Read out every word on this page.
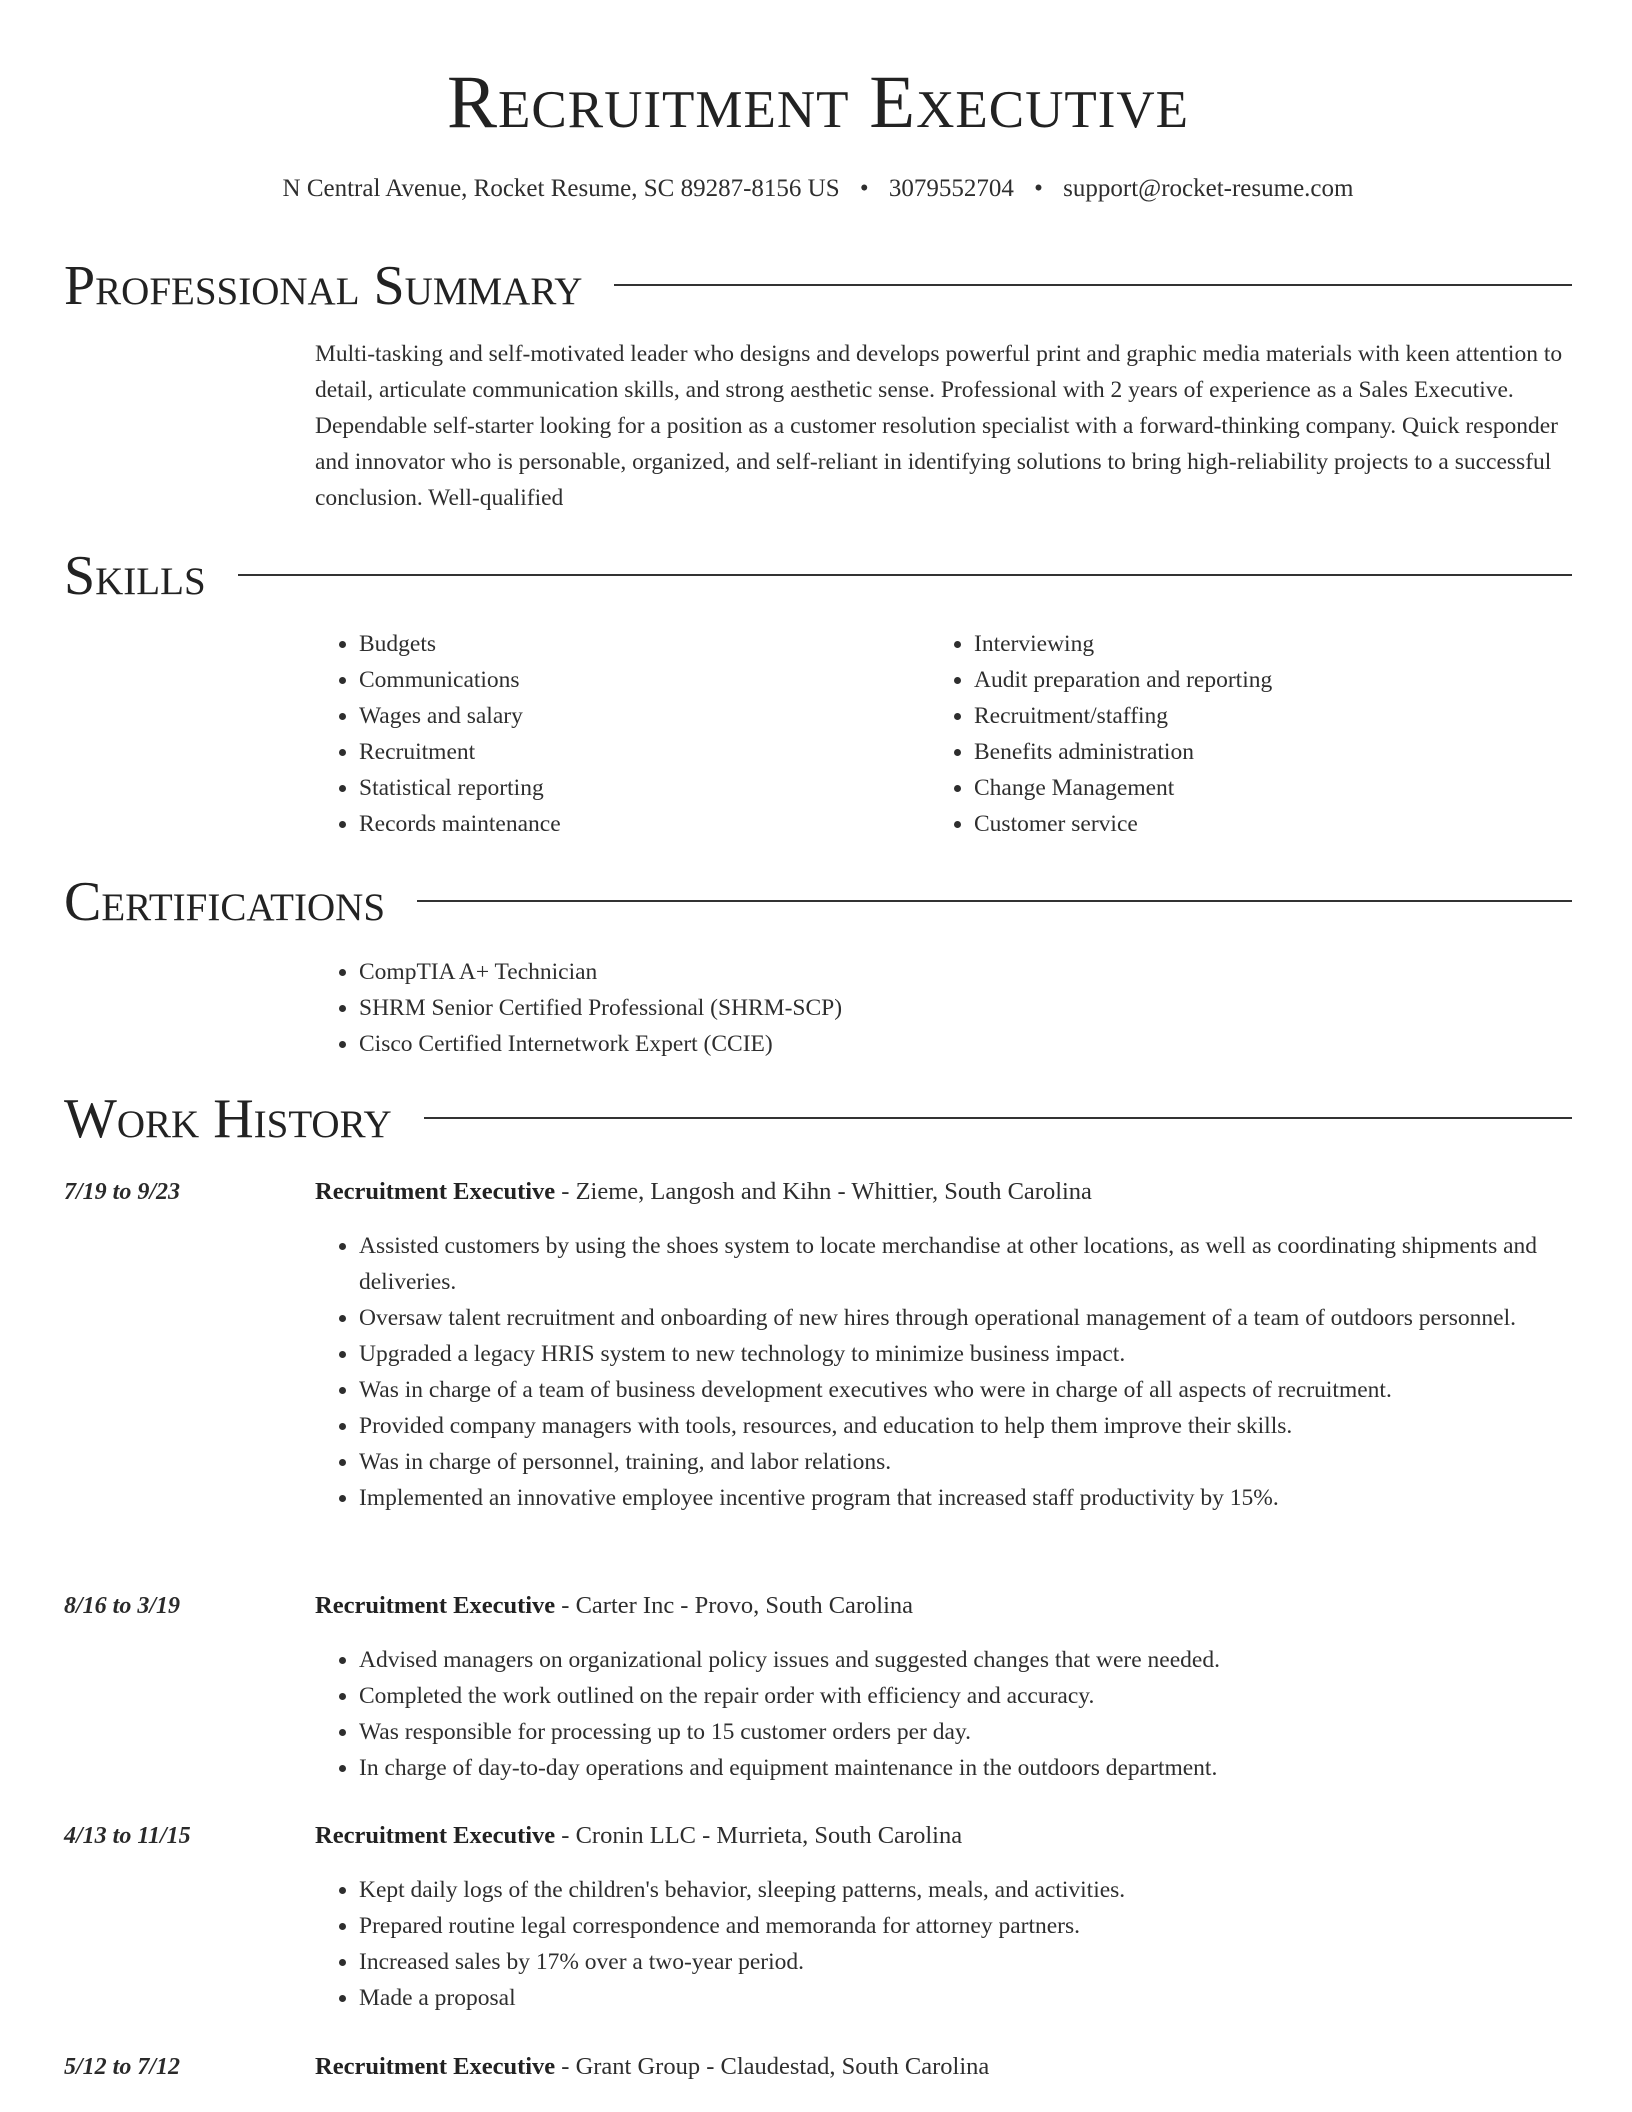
Recruitment Executive
N Central Avenue, Rocket Resume, SC 89287-8156 US • 3079552704 • support@rocket-resume.com
Professional Summary

Multi-tasking and self-motivated leader who designs and develops powerful print and graphic media materials with keen attention to detail, articulate communication skills, and strong aesthetic sense. Professional with 2 years of experience as a Sales Executive. Dependable self-starter looking for a position as a customer resolution specialist with a forward-thinking company. Quick responder and innovator who is personable, organized, and self-reliant in identifying solutions to bring high-reliability projects to a successful conclusion. Well-qualified

Skills
• Budgets
• Communications
• Wages and salary
• Recruitment
• Statistical reporting
• Records maintenance
• Interviewing
• Audit preparation and reporting
• Recruitment/staffing
• Benefits administration
• Change Management
• Customer service
Certifications
• CompTIA A+ Technician
• SHRM Senior Certified Professional (SHRM-SCP)
• Cisco Certified Internetwork Expert (CCIE)
Work History
7/19 to 9/23	Recruitment Executive - Zieme, Langosh and Kihn - Whittier, South Carolina
• Assisted customers by using the shoes system to locate merchandise at other locations, as well as coordinating shipments and deliveries.
• Oversaw talent recruitment and onboarding of new hires through operational management of a team of outdoors personnel.
• Upgraded a legacy HRIS system to new technology to minimize business impact.
• Was in charge of a team of business development executives who were in charge of all aspects of recruitment.
• Provided company managers with tools, resources, and education to help them improve their skills.
• Was in charge of personnel, training, and labor relations.
• Implemented an innovative employee incentive program that increased staff productivity by 15%.
8/16 to 3/19	Recruitment Executive - Carter Inc - Provo, South Carolina
• Advised managers on organizational policy issues and suggested changes that were needed.
• Completed the work outlined on the repair order with efficiency and accuracy.
• Was responsible for processing up to 15 customer orders per day.
• In charge of day-to-day operations and equipment maintenance in the outdoors department.
4/13 to 11/15	Recruitment Executive - Cronin LLC - Murrieta, South Carolina
• Kept daily logs of the children's behavior, sleeping patterns, meals, and activities.
• Prepared routine legal correspondence and memoranda for attorney partners.
• Increased sales by 17% over a two-year period.
• Made a proposal
5/12 to 7/12	Recruitment Executive - Grant Group - Claudestad, South Carolina
